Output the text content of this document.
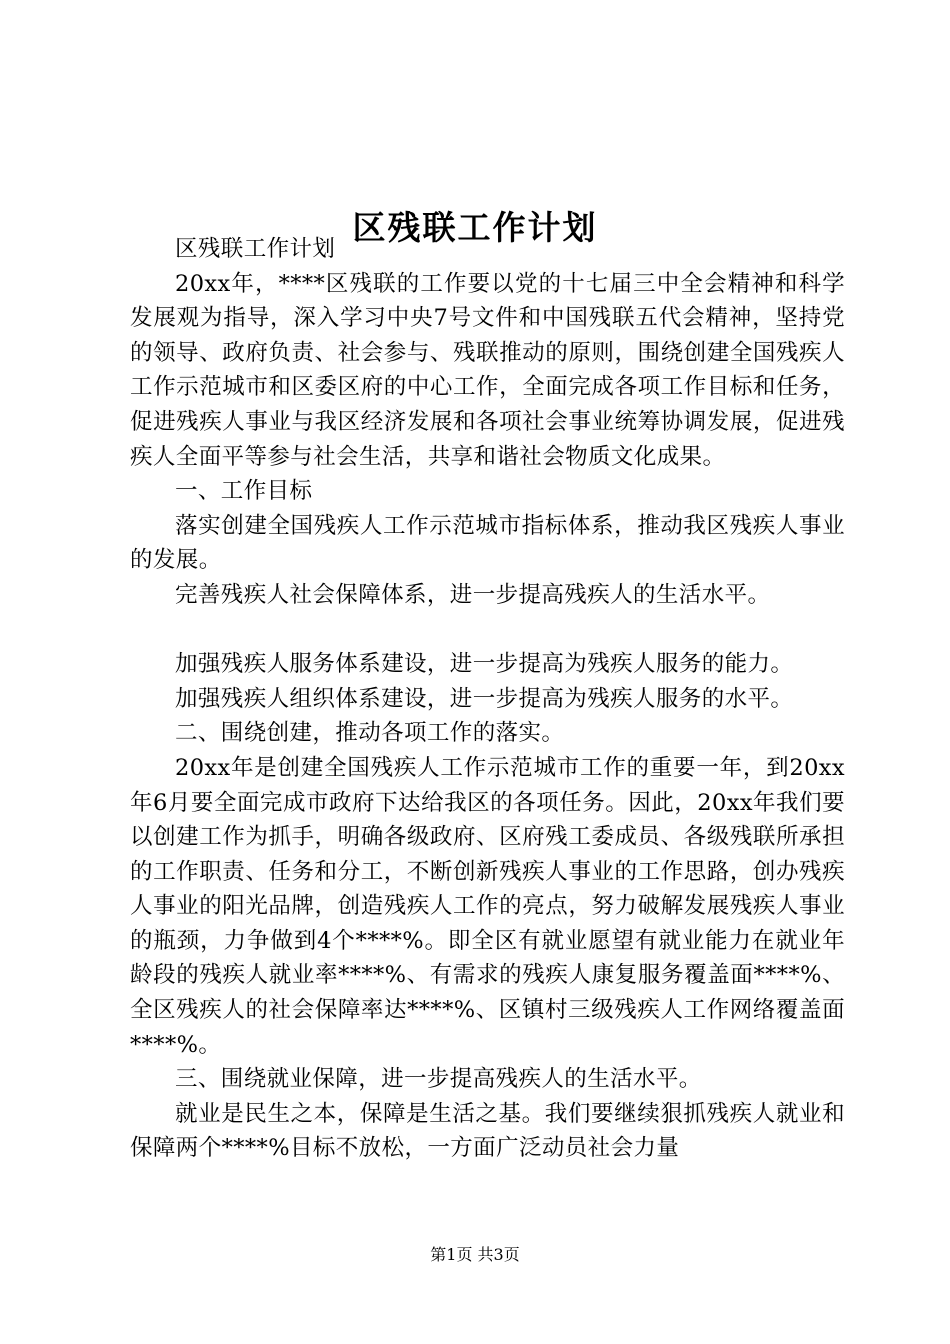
区残联工作计划

区残联工作计划

20xx年，****区残联的工作要以党的十七届三中全会精神和科学发展观为指导，深入学习中央7号文件和中国残联五代会精神，坚持党的领导、政府负责、社会参与、残联推动的原则，围绕创建全国残疾人工作示范城市和区委区府的中心工作，全面完成各项工作目标和任务，促进残疾人事业与我区经济发展和各项社会事业统筹协调发展，促进残疾人全面平等参与社会生活，共享和谐社会物质文化成果。

一、工作目标

落实创建全国残疾人工作示范城市指标体系，推动我区残疾人事业的发展。

完善残疾人社会保障体系，进一步提高残疾人的生活水平。

加强残疾人服务体系建设，进一步提高为残疾人服务的能力。

加强残疾人组织体系建设，进一步提高为残疾人服务的水平。

二、围绕创建，推动各项工作的落实。

20xx年是创建全国残疾人工作示范城市工作的重要一年，到20xx年6月要全面完成市政府下达给我区的各项任务。因此，20xx年我们要以创建工作为抓手，明确各级政府、区府残工委成员、各级残联所承担的工作职责、任务和分工，不断创新残疾人事业的工作思路，创办残疾人事业的阳光品牌，创造残疾人工作的亮点，努力破解发展残疾人事业的瓶颈，力争做到4个****%。即全区有就业愿望有就业能力在就业年龄段的残疾人就业率****%、有需求的残疾人康复服务覆盖面****%、全区残疾人的社会保障率达****%、区镇村三级残疾人工作网络覆盖面****%。

三、围绕就业保障，进一步提高残疾人的生活水平。

就业是民生之本，保障是生活之基。我们要继续狠抓残疾人就业和保障两个****%目标不放松，一方面广泛动员社会力量

第1页 共3页
